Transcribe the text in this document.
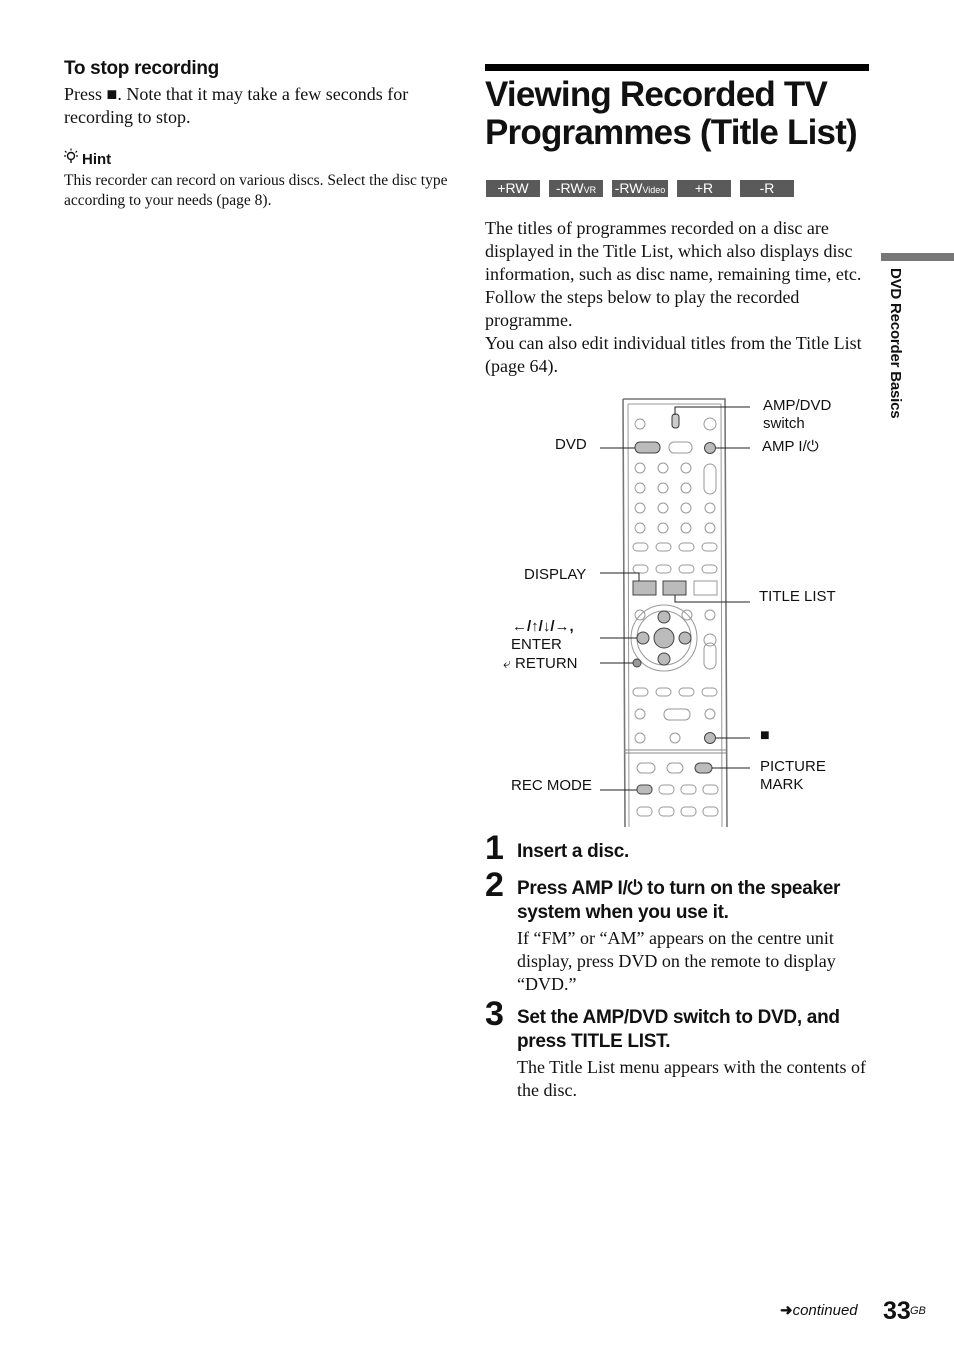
To stop recording
Press ■. Note that it may take a few seconds for recording to stop.
Hint
This recorder can record on various discs. Select the disc type according to your needs (page 8).
Viewing Recorded TV Programmes (Title List)
+RW	-RWVR	-RWVideo	+R	-R
The titles of programmes recorded on a disc are displayed in the Title List, which also displays disc information, such as disc name, remaining time, etc. Follow the steps below to play the recorded programme.
You can also edit individual titles from the Title List (page 64).
AMP/DVD switch
DVD	AMP I/⏻
DISPLAY
TITLE LIST
←/↑/↓/→,
ENTER
⤶ RETURN
■
PICTURE MARK
REC MODE
1 Insert a disc.
2 Press AMP I/⏻ to turn on the speaker system when you use it.
If “FM” or “AM” appears on the centre unit display, press DVD on the remote to display “DVD.”
3 Set the AMP/DVD switch to DVD, and press TITLE LIST.
The Title List menu appears with the contents of the disc.
DVD Recorder Basics
➜continued 33 GB
